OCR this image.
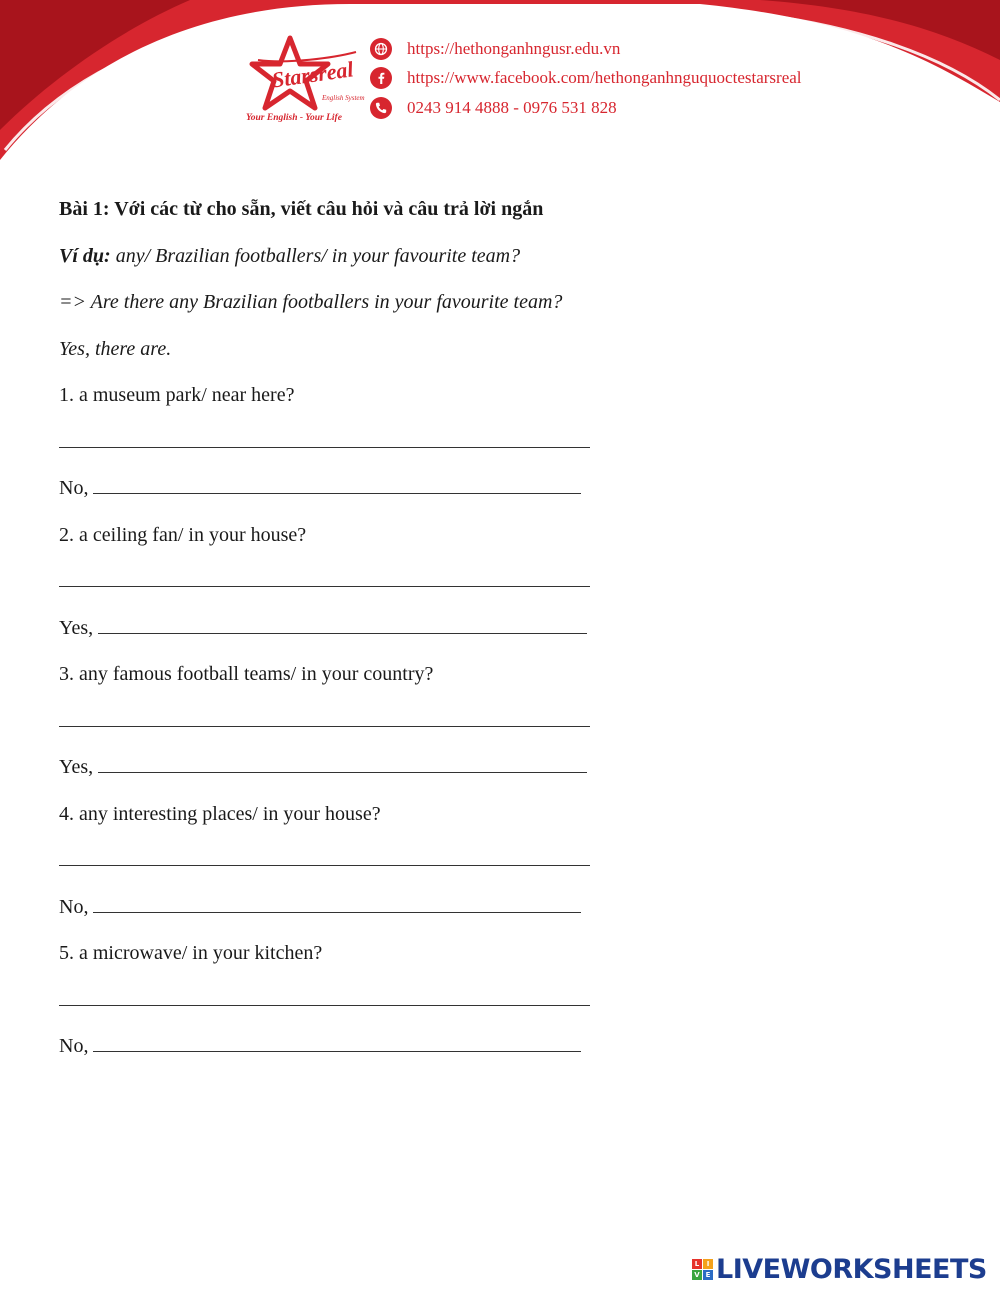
Starsreal
English System
Your English - Your Life
https://hethonganhngusr.edu.vn
https://www.facebook.com/hethonganhnguquoctestarsreal
0243 914 4888 - 0976 531 828
Bài 1: Với các từ cho sẵn, viết câu hỏi và câu trả lời ngắn
Ví dụ: any/ Brazilian footballers/ in your favourite team?
=> Are there any Brazilian footballers in your favourite team?
Yes, there are.
1. a museum park/ near here?
No,
2. a ceiling fan/ in your house?
Yes,
3. any famous football teams/ in your country?
Yes,
4. any interesting places/ in your house?
No,
5. a microwave/ in your kitchen?
No,
L	I
V E LIVEWORKSHEETS
